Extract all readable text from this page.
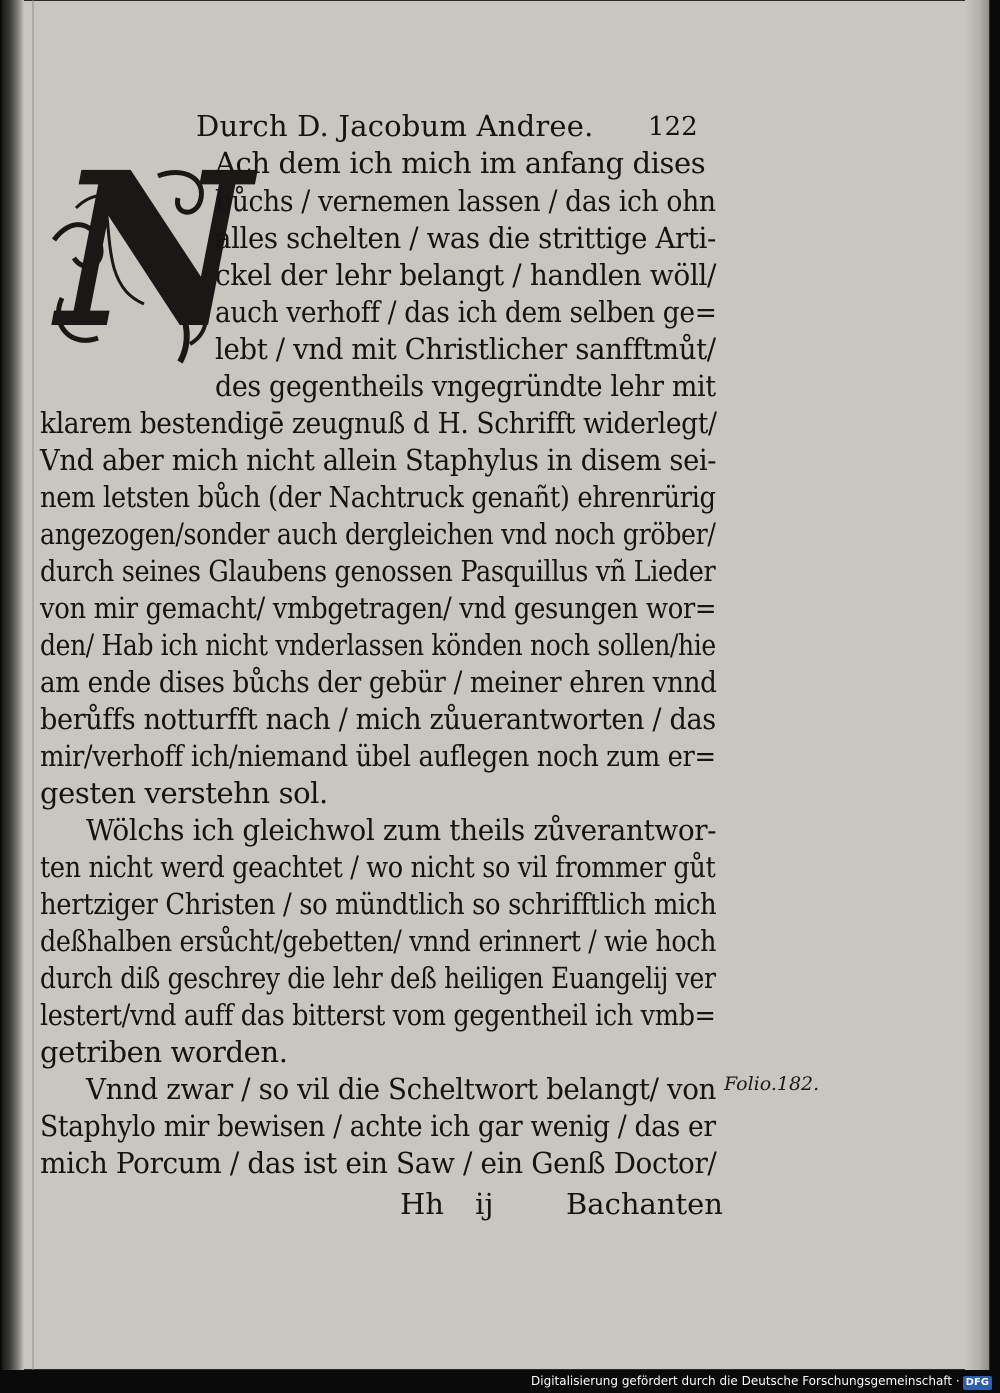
Durch D. Jacobum Andree. 122
N
Ach dem ich mich im anfang dises
bůchs / vernemen lassen / das ich ohn
alles schelten / was die strittige Arti-
ckel der lehr belangt / handlen wöll/
auch verhoff / das ich dem selben ge=
lebt / vnd mit Christlicher sanfftmůt/
des gegentheils vngegründte lehr mit
klarem bestendigē zeugnuß d H. Schrifft widerlegt/
Vnd aber mich nicht allein Staphylus in disem sei-
nem letsten bůch (der Nachtruck genañt) ehrenrürig
angezogen/sonder auch dergleichen vnd noch gröber/
durch seines Glaubens genossen Pasquillus vñ Lieder
von mir gemacht/ vmbgetragen/ vnd gesungen wor=
den/ Hab ich nicht vnderlassen könden noch sollen/hie
am ende dises bůchs der gebür / meiner ehren vnnd
berůffs notturfft nach / mich zůuerantworten / das
mir/verhoff ich/niemand übel auflegen noch zum er=
gesten verstehn sol.
Wölchs ich gleichwol zum theils zůverantwor-
ten nicht werd geachtet / wo nicht so vil frommer gůt
hertziger Christen / so mündtlich so schrifftlich mich
deßhalben ersůcht/gebetten/ vnnd erinnert / wie hoch
durch diß geschrey die lehr deß heiligen Euangelij ver
lestert/vnd auff das bitterst vom gegentheil ich vmb=
getriben worden.
Vnnd zwar / so vil die Scheltwort belangt/ von
Staphylo mir bewisen / achte ich gar wenig / das er
mich Porcum / das ist ein Saw / ein Genß Doctor/
Folio.182.
Hh ij	Bachanten
Digitalisierung gefördert durch die Deutsche Forschungsgemeinschaft · DFG
